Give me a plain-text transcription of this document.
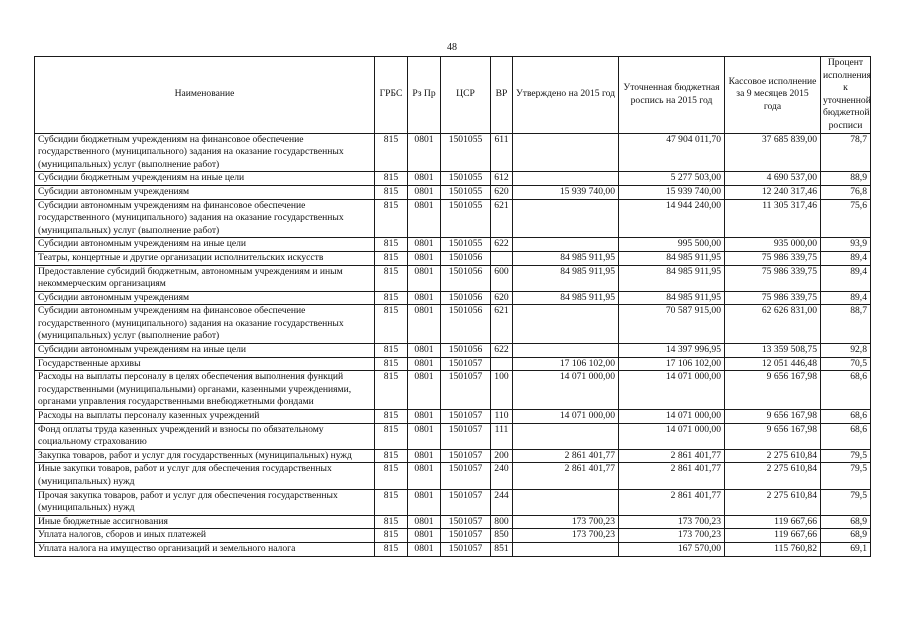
48
Наименование	ГРБС	Рз Пр	ЦСР	ВР	Утверждено на 2015 год	Уточненная бюджетная роспись на 2015 год	Кассовое исполнение за 9 месяцев 2015 года	Процент исполнения к уточненной бюджетной росписи
Субсидии бюджетным учреждениям на финансовое обеспечение государственного (муниципального) задания на оказание государственных (муниципальных) услуг (выполнение работ)	815	0801	1501055	611		47 904 011,70	37 685 839,00	78,7
Субсидии бюджетным учреждениям на иные цели	815	0801	1501055	612		5 277 503,00	4 690 537,00	88,9
Субсидии автономным учреждениям	815	0801	1501055	620	15 939 740,00	15 939 740,00	12 240 317,46	76,8
Субсидии автономным учреждениям на финансовое обеспечение государственного (муниципального) задания на оказание государственных (муниципальных) услуг (выполнение работ)	815	0801	1501055	621		14 944 240,00	11 305 317,46	75,6
Субсидии автономным учреждениям на иные цели	815	0801	1501055	622		995 500,00	935 000,00	93,9
Театры, концертные и другие организации исполнительских искусств	815	0801	1501056		84 985 911,95	84 985 911,95	75 986 339,75	89,4
Предоставление субсидий бюджетным, автономным учреждениям и иным некоммерческим организациям	815	0801	1501056	600	84 985 911,95	84 985 911,95	75 986 339,75	89,4
Субсидии автономным учреждениям	815	0801	1501056	620	84 985 911,95	84 985 911,95	75 986 339,75	89,4
Субсидии автономным учреждениям на финансовое обеспечение государственного (муниципального) задания на оказание государственных (муниципальных) услуг (выполнение работ)	815	0801	1501056	621		70 587 915,00	62 626 831,00	88,7
Субсидии автономным учреждениям на иные цели	815	0801	1501056	622		14 397 996,95	13 359 508,75	92,8
Государственные архивы	815	0801	1501057		17 106 102,00	17 106 102,00	12 051 446,48	70,5
Расходы на выплаты персоналу в целях обеспечения выполнения функций государственными (муниципальными) органами, казенными учреждениями, органами управления государственными внебюджетными фондами	815	0801	1501057	100	14 071 000,00	14 071 000,00	9 656 167,98	68,6
Расходы на выплаты персоналу казенных учреждений	815	0801	1501057	110	14 071 000,00	14 071 000,00	9 656 167,98	68,6
Фонд оплаты труда казенных учреждений и взносы по обязательному социальному страхованию	815	0801	1501057	111		14 071 000,00	9 656 167,98	68,6
Закупка товаров, работ и услуг для государственных (муниципальных) нужд	815	0801	1501057	200	2 861 401,77	2 861 401,77	2 275 610,84	79,5
Иные закупки товаров, работ и услуг для обеспечения государственных (муниципальных) нужд	815	0801	1501057	240	2 861 401,77	2 861 401,77	2 275 610,84	79,5
Прочая закупка товаров, работ и услуг для обеспечения государственных (муниципальных) нужд	815	0801	1501057	244		2 861 401,77	2 275 610,84	79,5
Иные бюджетные ассигнования	815	0801	1501057	800	173 700,23	173 700,23	119 667,66	68,9
Уплата налогов, сборов и иных платежей	815	0801	1501057	850	173 700,23	173 700,23	119 667,66	68,9
Уплата налога на имущество организаций и земельного налога	815	0801	1501057	851		167 570,00	115 760,82	69,1
